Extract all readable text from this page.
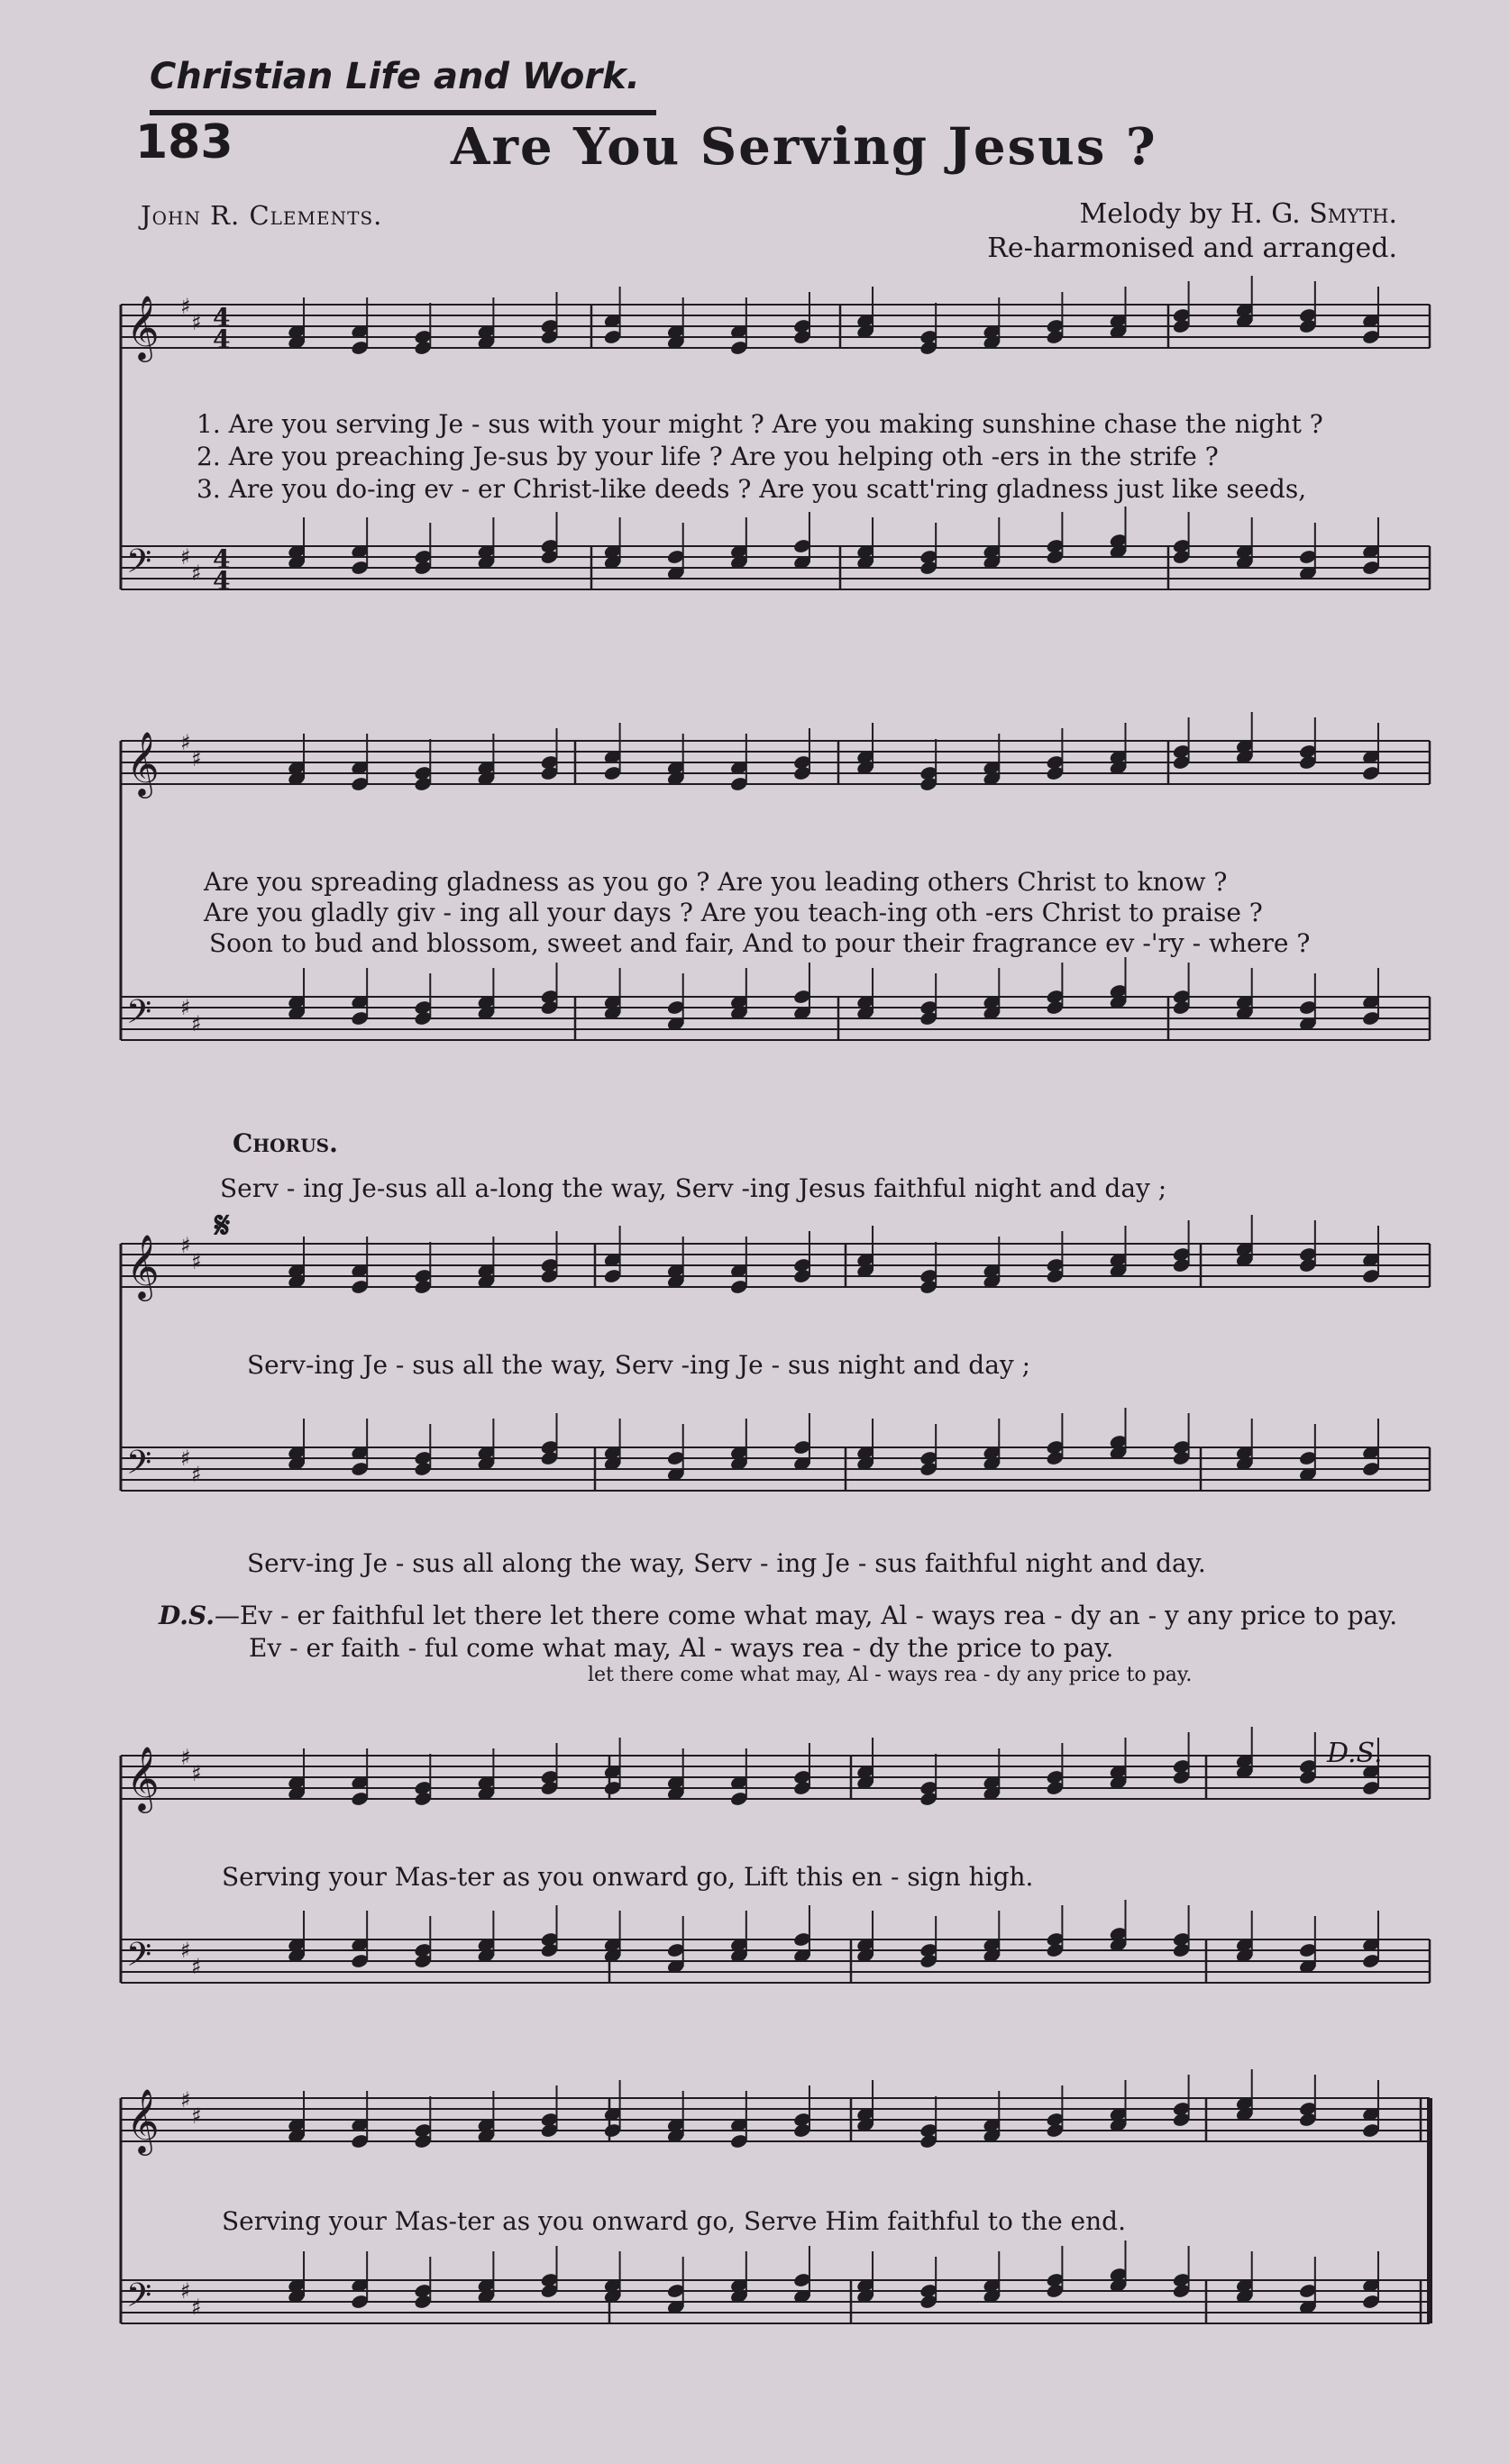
Christian Life and Work.
183	Are You Serving Jesus ?
John R. Clements.	Melody by H. G. Smyth.
Re-harmonised and arranged.
𝄞 ♯
♯ 4
4
𝄢 ♯
♯ 4
4
𝄞 ♯
♯
𝄢 ♯
♯
𝄞 ♯
♯
𝄢 ♯
♯
𝄞 ♯
♯
𝄢 ♯
♯
𝄞 ♯
♯
𝄢 ♯
♯
1. Are you serving Je - sus with your might ? Are you making sunshine chase the night ?
2. Are you preaching Je-sus by your life ? Are you helping oth -ers in the strife ?
3. Are you do-ing ev - er Christ-like deeds ? Are you scatt'ring gladness just like seeds,
Are you spreading gladness as you go ? Are you leading others Christ to know ?
Are you gladly giv - ing all your days ? Are you teach-ing oth -ers Christ to praise ?
Soon to bud and blossom, sweet and fair, And to pour their fragrance ev -'ry - where ?
Chorus.
Serv - ing Je-sus all a-long the way, Serv -ing Jesus faithful night and day ;
𝄋
Serv-ing Je - sus all the way, Serv -ing Je - sus night and day ;
Serv-ing Je - sus all along the way, Serv - ing Je - sus faithful night and day.
D.S.—Ev - er faithful let there let there come what may, Al - ways rea - dy an - y any price to pay.
Ev - er faith - ful come what may, Al - ways rea - dy the price to pay.
let there come what may, Al - ways rea - dy any price to pay.
D.S.
Serving your Mas-ter as you onward go, Lift this en - sign high.
Serving your Mas-ter as you onward go, Serve Him faithful to the end.
